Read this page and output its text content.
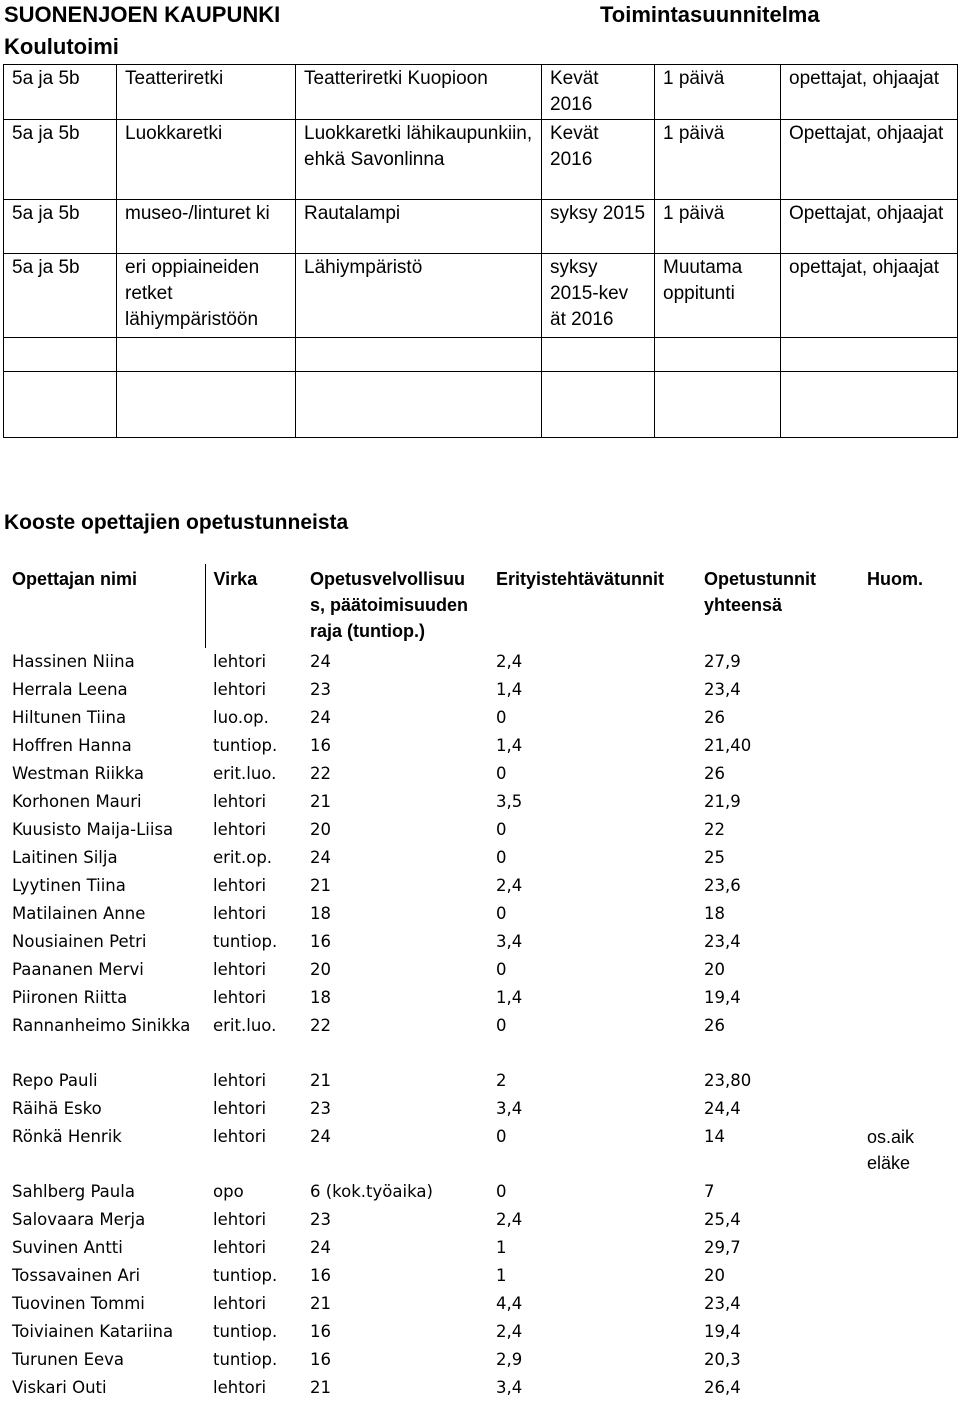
SUONENJOEN KAUPUNKI
Koulutoimi
Toimintasuunnitelma
5a ja 5b	Teatteriretki	Teatteriretki Kuopioon	Kevät 2016	1 päivä	opettajat, ohjaajat
5a ja 5b	Luokkaretki	Luokkaretki lähikaupunkiin, ehkä Savonlinna	Kevät 2016	1 päivä	Opettajat, ohjaajat
5a ja 5b	museo-/linturet ki	Rautalampi	syksy 2015	1 päivä	Opettajat, ohjaajat
5a ja 5b	eri oppiaineiden retket lähiympäristöön	Lähiympäristö	syksy 2015-kev ät 2016	Muutama oppitunti	opettajat, ohjaajat

Kooste opettajien opetustunneista
Opettajan nimi	Virka	Opetusvelvollisuu s, päätoimisuuden raja (tuntiop.)	Erityistehtävätunnit	Opetustunnit yhteensä	Huom.
Hassinen Niina	lehtori	24	2,4	27,9	
Herrala Leena	lehtori	23	1,4	23,4	
Hiltunen Tiina	luo.op.	24	0	26	
Hoffren Hanna	tuntiop.	16	1,4	21,40	
Westman Riikka	erit.luo.	22	0	26	
Korhonen Mauri	lehtori	21	3,5	21,9	
Kuusisto Maija-Liisa	lehtori	20	0	22	
Laitinen Silja	erit.op.	24	0	25	
Lyytinen Tiina	lehtori	21	2,4	23,6	
Matilainen Anne	lehtori	18	0	18	
Nousiainen Petri	tuntiop.	16	3,4	23,4	
Paananen Mervi	lehtori	20	0	20	
Piironen Riitta	lehtori	18	1,4	19,4	
Rannanheimo Sinikka	erit.luo.	22	0	26	
Repo Pauli	lehtori	21	2	23,80	
Räihä Esko	lehtori	23	3,4	24,4	
Rönkä Henrik	lehtori	24	0	14	os.aik eläke
Sahlberg Paula	opo	6 (kok.työaika)	0	7	
Salovaara Merja	lehtori	23	2,4	25,4	
Suvinen Antti	lehtori	24	1	29,7	
Tossavainen Ari	tuntiop.	16	1	20	
Tuovinen Tommi	lehtori	21	4,4	23,4	
Toiviainen Katariina	tuntiop.	16	2,4	19,4	
Turunen Eeva	tuntiop.	16	2,9	20,3	
Viskari Outi	lehtori	21	3,4	26,4	
